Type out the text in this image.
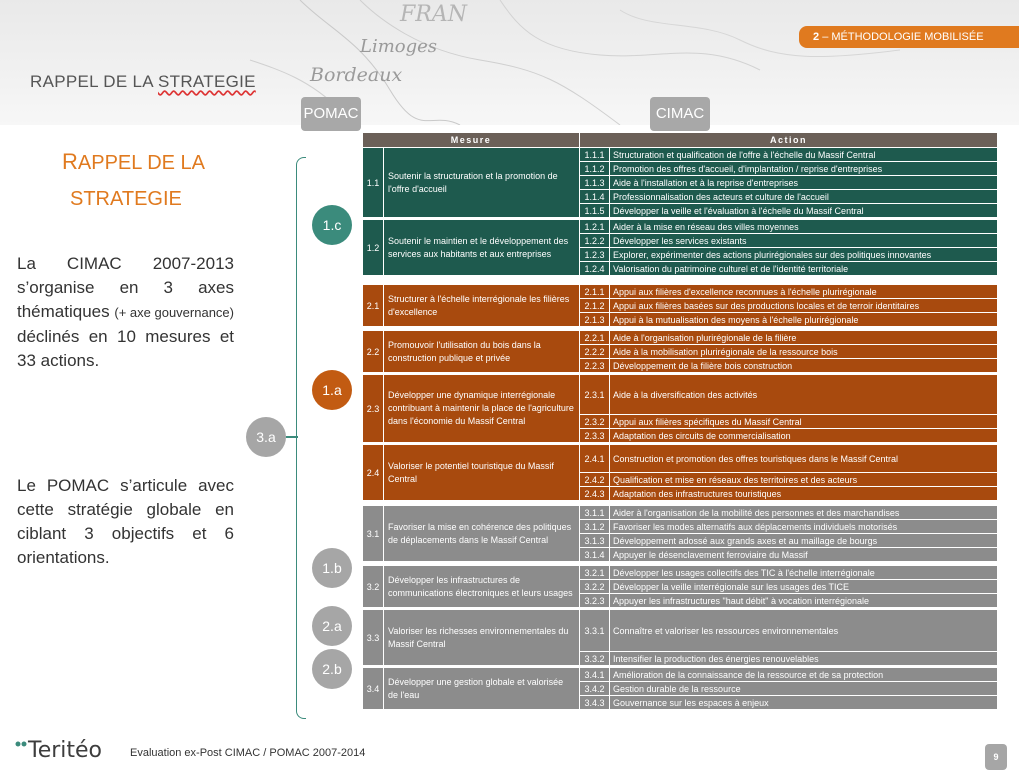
Limoges
Bordeaux
FRAN
2 – MÉTHODOLOGIE MOBILISÉE
RAPPEL DE LA STRATEGIE
POMAC	CIMAC
RAPPEL DE LA
STRATEGIE
La CIMAC 2007-2013 s’organise en 3 axes thématiques (+ axe gouvernance) déclinés en 10 mesures et 33 actions.
Le POMAC s’articule avec cette stratégie globale en ciblant 3 objectifs et 6 orientations.
1.c
1.a
3.a
1.b
2.a
2.b
Mesure	Action
1.1
Soutenir la structuration et la promotion de l'offre d'accueil
1.1.1 Structuration et qualification de l'offre à l'échelle du Massif Central
1.1.2 Promotion des offres d'accueil, d'implantation / reprise d'entreprises
1.1.3 Aide à l'installation et à la reprise d'entreprises
1.1.4 Professionnalisation des acteurs et culture de l'accueil
1.1.5 Développer la veille et l'évaluation à l'échelle du Massif Central
1.2
Soutenir le maintien et le développement des services aux habitants et aux entreprises
1.2.1 Aider à la mise en réseau des villes moyennes
1.2.2 Développer les services existants
1.2.3 Explorer, expérimenter des actions plurirégionales sur des politiques innovantes
1.2.4 Valorisation du patrimoine culturel et de l'identité territoriale
2.1
Structurer à l'échelle interrégionale les filières d'excellence
2.1.1 Appui aux filières d'excellence reconnues à l'échelle plurirégionale
2.1.2 Appui aux filières basées sur des productions locales et de terroir identitaires
2.1.3 Appui à la mutualisation des moyens à l'échelle plurirégionale
2.2
Promouvoir l'utilisation du bois dans la construction publique et privée
2.2.1 Aide à l'organisation plurirégionale de la filière
2.2.2 Aide à la mobilisation plurirégionale de la ressource bois
2.2.3 Développement de la filière bois construction
2.3
Développer une dynamique interrégionale contribuant à maintenir la place de l'agriculture dans l'économie du Massif Central
2.3.1 Aide à la diversification des activités
2.3.2 Appui aux filières spécifiques du Massif Central
2.3.3 Adaptation des circuits de commercialisation
2.4
Valoriser le potentiel touristique du Massif Central
2.4.1 Construction et promotion des offres touristiques dans le Massif Central
2.4.2 Qualification et mise en réseaux des territoires et des acteurs
2.4.3 Adaptation des infrastructures touristiques
3.1
Favoriser la mise en cohérence des politiques de déplacements dans le Massif Central
3.1.1 Aider à l'organisation de la mobilité des personnes et des marchandises
3.1.2 Favoriser les modes alternatifs aux déplacements individuels motorisés
3.1.3 Développement adossé aux grands axes et au maillage de bourgs
3.1.4 Appuyer le désenclavement ferroviaire du Massif
3.2
Développer les infrastructures de communications électroniques et leurs usages
3.2.1 Développer les usages collectifs des TIC à l'échelle interrégionale
3.2.2 Développer la veille interrégionale sur les usages des TICE
3.2.3 Appuyer les infrastructures "haut débit" à vocation interrégionale
3.3
Valoriser les richesses environnementales du Massif Central
3.3.1 Connaître et valoriser les ressources environnementales
3.3.2 Intensifier la production des énergies renouvelables
3.4
Développer une gestion globale et valorisée de l'eau
3.4.1 Amélioration de la connaissance de la ressource et de sa protection
3.4.2 Gestion durable de la ressource
3.4.3 Gouvernance sur les espaces à enjeux
Teritéo	Evaluation ex-Post CIMAC / POMAC 2007-2014	9
